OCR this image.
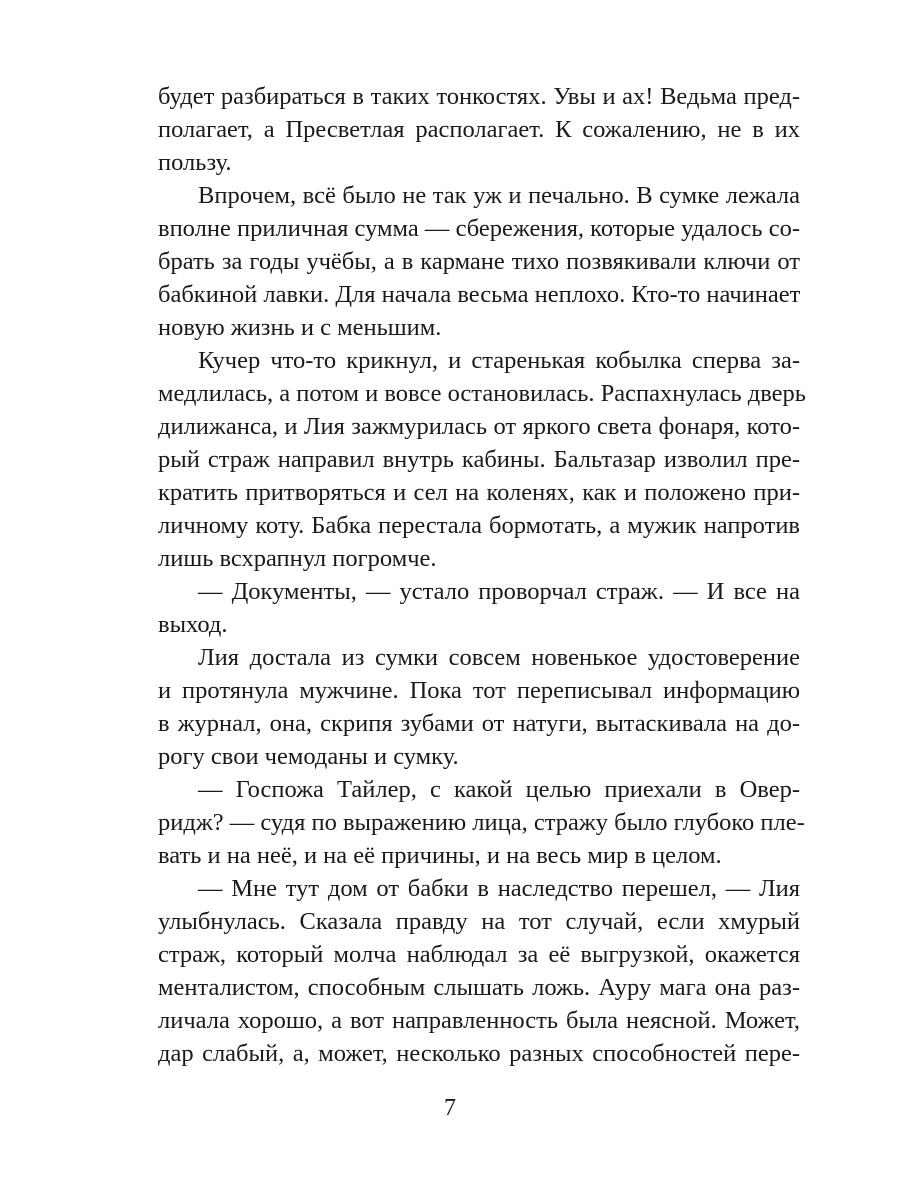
будет разбираться в таких тонкостях. Увы и ах! Ведьма пред-
полагает, а Пресветлая располагает. К сожалению, не в их
пользу.
Впрочем, всё было не так уж и печально. В сумке лежала
вполне приличная сумма — сбережения, которые удалось со-
брать за годы учёбы, а в кармане тихо позвякивали ключи от
бабкиной лавки. Для начала весьма неплохо. Кто-то начинает
новую жизнь и с меньшим.
Кучер что-то крикнул, и старенькая кобылка сперва за-
медлилась, а потом и вовсе остановилась. Распахнулась дверь
дилижанса, и Лия зажмурилась от яркого света фонаря, кото-
рый страж направил внутрь кабины. Бальтазар изволил пре-
кратить притворяться и сел на коленях, как и положено при-
личному коту. Бабка перестала бормотать, а мужик напротив
лишь всхрапнул погромче.
— Документы, — устало проворчал страж. — И все на
выход.
Лия достала из сумки совсем новенькое удостоверение
и протянула мужчине. Пока тот переписывал информацию
в журнал, она, скрипя зубами от натуги, вытаскивала на до-
рогу свои чемоданы и сумку.
— Госпожа Тайлер, с какой целью приехали в Овер-
ридж? — судя по выражению лица, стражу было глубоко пле-
вать и на неё, и на её причины, и на весь мир в целом.
— Мне тут дом от бабки в наследство перешел, — Лия
улыбнулась. Сказала правду на тот случай, если хмурый
страж, который молча наблюдал за её выгрузкой, окажется
менталистом, способным слышать ложь. Ауру мага она раз-
личала хорошо, а вот направленность была неясной. Может,
дар слабый, а, может, несколько разных способностей пере-
7
